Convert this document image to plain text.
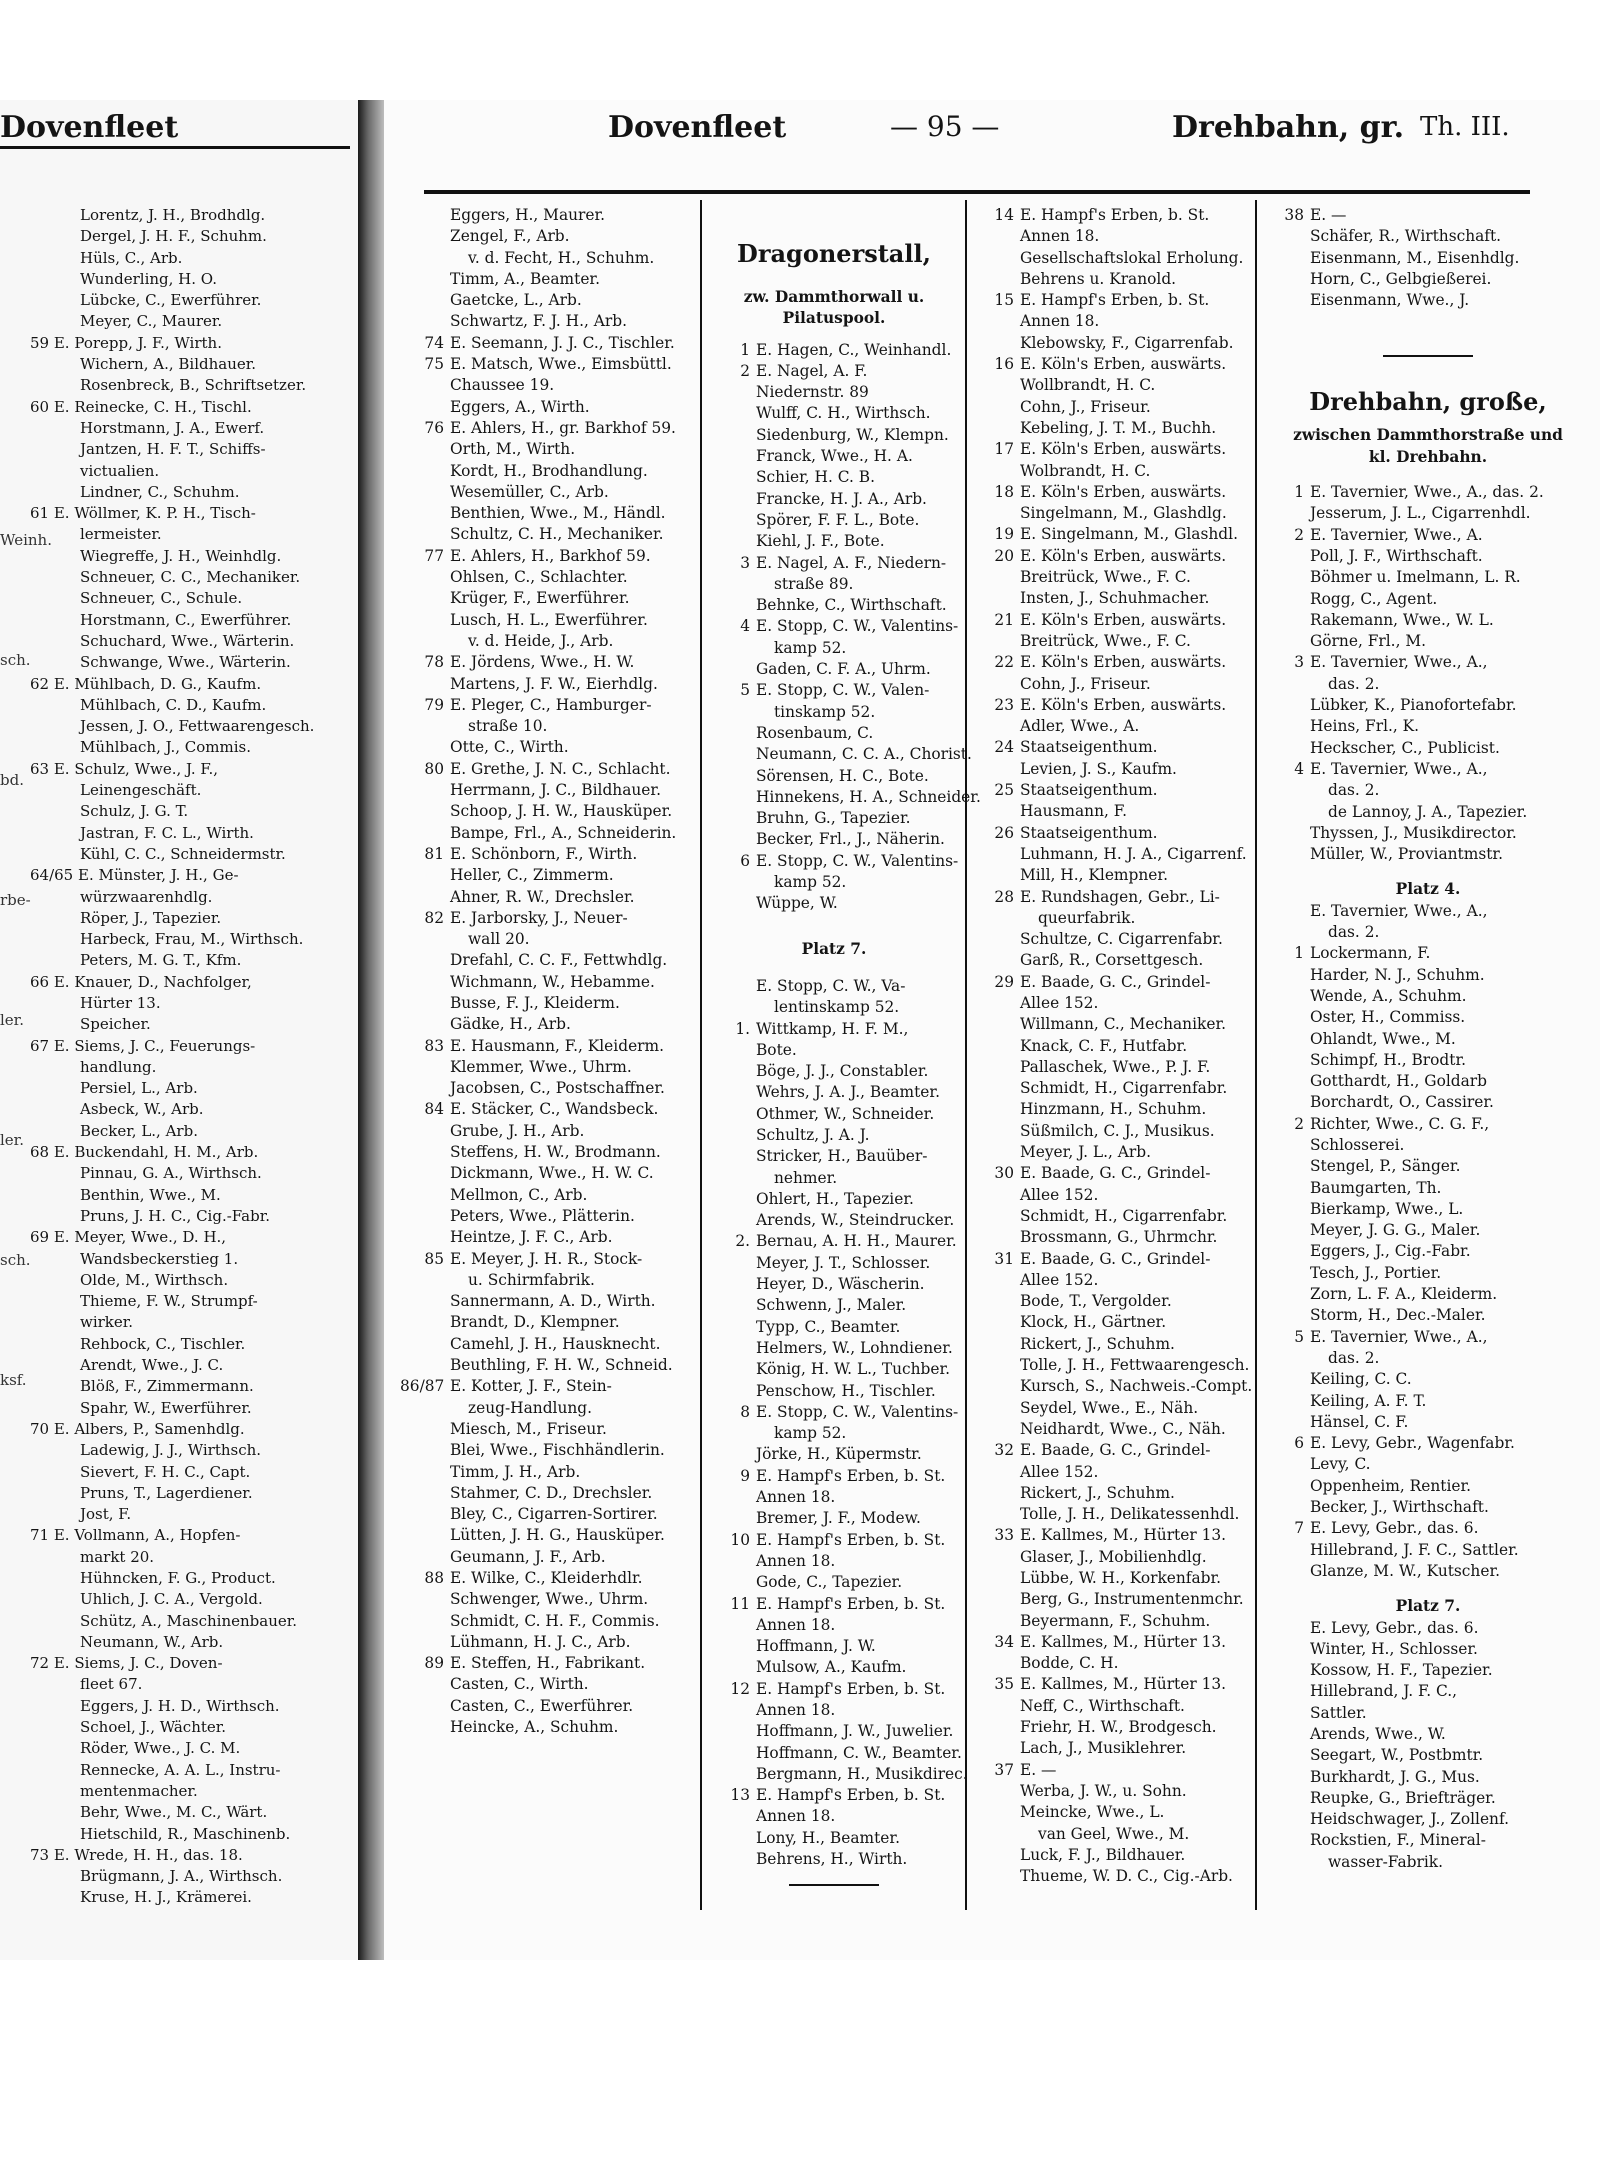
Dovenfleet	Dovenfleet	— 95 —	Drehbahn, gr. Th. III.
Lorentz, J. H., Brodhdlg.
Dergel, J. H. F., Schuhm.
Hüls, C., Arb.
Wunderling, H. O.
Lübcke, C., Ewerführer.
Meyer, C., Maurer.
59 E. Porepp, J. F., Wirth.
Wichern, A., Bildhauer.
Rosenbreck, B., Schriftsetzer.
60 E. Reinecke, C. H., Tischl.
Horstmann, J. A., Ewerf.
Jantzen, H. F. T., Schiffs-
victualien.
Lindner, C., Schuhm.
61 E. Wöllmer, K. P. H., Tisch-
lermeister.
Wiegreffe, J. H., Weinhdlg.
Schneuer, C. C., Mechaniker.
Schneuer, C., Schule.
Horstmann, C., Ewerführer.
Schuchard, Wwe., Wärterin.
Schwange, Wwe., Wärterin.
62 E. Mühlbach, D. G., Kaufm.
Mühlbach, C. D., Kaufm.
Jessen, J. O., Fettwaarengesch.
Mühlbach, J., Commis.
63 E. Schulz, Wwe., J. F.,
Leinengeschäft.
Schulz, J. G. T.
Jastran, F. C. L., Wirth.
Kühl, C. C., Schneidermstr.
64/65 E. Münster, J. H., Ge-
würzwaarenhdlg.
Röper, J., Tapezier.
Harbeck, Frau, M., Wirthsch.
Peters, M. G. T., Kfm.
66 E. Knauer, D., Nachfolger,
Hürter 13.
Speicher.
67 E. Siems, J. C., Feuerungs-
handlung.
Persiel, L., Arb.
Asbeck, W., Arb.
Becker, L., Arb.
68 E. Buckendahl, H. M., Arb.
Pinnau, G. A., Wirthsch.
Benthin, Wwe., M.
Pruns, J. H. C., Cig.-Fabr.
69 E. Meyer, Wwe., D. H.,
Wandsbeckerstieg 1.
Olde, M., Wirthsch.
Thieme, F. W., Strumpf-
wirker.
Rehbock, C., Tischler.
Arendt, Wwe., J. C.
Blöß, F., Zimmermann.
Spahr, W., Ewerführer.
70 E. Albers, P., Samenhdlg.
Ladewig, J. J., Wirthsch.
Sievert, F. H. C., Capt.
Pruns, T., Lagerdiener.
Jost, F.
71 E. Vollmann, A., Hopfen-
markt 20.
Hühncken, F. G., Product.
Uhlich, J. C. A., Vergold.
Schütz, A., Maschinenbauer.
Neumann, W., Arb.
72 E. Siems, J. C., Doven-
fleet 67.
Eggers, J. H. D., Wirthsch.
Schoel, J., Wächter.
Röder, Wwe., J. C. M.
Rennecke, A. A. L., Instru-
mentenmacher.
Behr, Wwe., M. C., Wärt.
Hietschild, R., Maschinenb.
73 E. Wrede, H. H., das. 18.
Brügmann, J. A., Wirthsch.
Kruse, H. J., Krämerei.
Eggers, H., Maurer.
Zengel, F., Arb.
v. d. Fecht, H., Schuhm.
Timm, A., Beamter.
Gaetcke, L., Arb.
Schwartz, F. J. H., Arb.
74 E. Seemann, J. J. C., Tischler.
75 E. Matsch, Wwe., Eimsbüttl.
Chaussee 19.
Eggers, A., Wirth.
76 E. Ahlers, H., gr. Barkhof 59.
Orth, M., Wirth.
Kordt, H., Brodhandlung.
Wesemüller, C., Arb.
Benthien, Wwe., M., Händl.
Schultz, C. H., Mechaniker.
77 E. Ahlers, H., Barkhof 59.
Ohlsen, C., Schlachter.
Krüger, F., Ewerführer.
Lusch, H. L., Ewerführer.
v. d. Heide, J., Arb.
78 E. Jördens, Wwe., H. W.
Martens, J. F. W., Eierhdlg.
79 E. Pleger, C., Hamburger-
straße 10.
Otte, C., Wirth.
80 E. Grethe, J. N. C., Schlacht.
Herrmann, J. C., Bildhauer.
Schoop, J. H. W., Hausküper.
Bampe, Frl., A., Schneiderin.
81 E. Schönborn, F., Wirth.
Heller, C., Zimmerm.
Ahner, R. W., Drechsler.
82 E. Jarborsky, J., Neuer-
wall 20.
Drefahl, C. C. F., Fettwhdlg.
Wichmann, W., Hebamme.
Busse, F. J., Kleiderm.
Gädke, H., Arb.
83 E. Hausmann, F., Kleiderm.
Klemmer, Wwe., Uhrm.
Jacobsen, C., Postschaffner.
84 E. Stäcker, C., Wandsbeck.
Grube, J. H., Arb.
Steffens, H. W., Brodmann.
Dickmann, Wwe., H. W. C.
Mellmon, C., Arb.
Peters, Wwe., Plätterin.
Heintze, J. F. C., Arb.
85 E. Meyer, J. H. R., Stock-
u. Schirmfabrik.
Sannermann, A. D., Wirth.
Brandt, D., Klempner.
Camehl, J. H., Hausknecht.
Beuthling, F. H. W., Schneid.
86/87 E. Kotter, J. F., Stein-
zeug-Handlung.
Miesch, M., Friseur.
Blei, Wwe., Fischhändlerin.
Timm, J. H., Arb.
Stahmer, C. D., Drechsler.
Bley, C., Cigarren-Sortirer.
Lütten, J. H. G., Hausküper.
Geumann, J. F., Arb.
88 E. Wilke, C., Kleiderhdlr.
Schwenger, Wwe., Uhrm.
Schmidt, C. H. F., Commis.
Lühmann, H. J. C., Arb.
89 E. Steffen, H., Fabrikant.
Casten, C., Wirth.
Casten, C., Ewerführer.
Heincke, A., Schuhm.
Dragonerstall,
zw. Dammthorwall u.
Pilatuspool.
1 E. Hagen, C., Weinhandl.
2 E. Nagel, A. F.
Niedernstr. 89
Wulff, C. H., Wirthsch.
Siedenburg, W., Klempn.
Franck, Wwe., H. A.
Schier, H. C. B.
Francke, H. J. A., Arb.
Spörer, F. F. L., Bote.
Kiehl, J. F., Bote.
3 E. Nagel, A. F., Niedern-
straße 89.
Behnke, C., Wirthschaft.
4 E. Stopp, C. W., Valentins-
kamp 52.
Gaden, C. F. A., Uhrm.
5 E. Stopp, C. W., Valen-
tinskamp 52.
Rosenbaum, C.
Neumann, C. C. A., Chorist.
Sörensen, H. C., Bote.
Hinnekens, H. A., Schneider.
Bruhn, G., Tapezier.
Becker, Frl., J., Näherin.
6 E. Stopp, C. W., Valentins-
kamp 52.
Wüppe, W.
Platz 7.
E. Stopp, C. W., Va-
lentinskamp 52.
1. Wittkamp, H. F. M.,
Bote.
Böge, J. J., Constabler.
Wehrs, J. A. J., Beamter.
Othmer, W., Schneider.
Schultz, J. A. J.
Stricker, H., Bauüber-
nehmer.
Ohlert, H., Tapezier.
Arends, W., Steindrucker.
2. Bernau, A. H. H., Maurer.
Meyer, J. T., Schlosser.
Heyer, D., Wäscherin.
Schwenn, J., Maler.
Typp, C., Beamter.
Helmers, W., Lohndiener.
König, H. W. L., Tuchber.
Penschow, H., Tischler.
8 E. Stopp, C. W., Valentins-
kamp 52.
Jörke, H., Küpermstr.
9 E. Hampf's Erben, b. St.
Annen 18.
Bremer, J. F., Modew.
10 E. Hampf's Erben, b. St.
Annen 18.
Gode, C., Tapezier.
11 E. Hampf's Erben, b. St.
Annen 18.
Hoffmann, J. W.
Mulsow, A., Kaufm.
12 E. Hampf's Erben, b. St.
Annen 18.
Hoffmann, J. W., Juwelier.
Hoffmann, C. W., Beamter.
Bergmann, H., Musikdirec.
13 E. Hampf's Erben, b. St.
Annen 18.
Lony, H., Beamter.
Behrens, H., Wirth.
14 E. Hampf's Erben, b. St.
Annen 18.
Gesellschaftslokal Erholung.
Behrens u. Kranold.
15 E. Hampf's Erben, b. St.
Annen 18.
Klebowsky, F., Cigarrenfab.
16 E. Köln's Erben, auswärts.
Wollbrandt, H. C.
Cohn, J., Friseur.
Kebeling, J. T. M., Buchh.
17 E. Köln's Erben, auswärts.
Wolbrandt, H. C.
18 E. Köln's Erben, auswärts.
Singelmann, M., Glashdlg.
19 E. Singelmann, M., Glashdl.
20 E. Köln's Erben, auswärts.
Breitrück, Wwe., F. C.
Insten, J., Schuhmacher.
21 E. Köln's Erben, auswärts.
Breitrück, Wwe., F. C.
22 E. Köln's Erben, auswärts.
Cohn, J., Friseur.
23 E. Köln's Erben, auswärts.
Adler, Wwe., A.
24 Staatseigenthum.
Levien, J. S., Kaufm.
25 Staatseigenthum.
Hausmann, F.
26 Staatseigenthum.
Luhmann, H. J. A., Cigarrenf.
Mill, H., Klempner.
28 E. Rundshagen, Gebr., Li-
queurfabrik.
Schultze, C. Cigarrenfabr.
Garß, R., Corsettgesch.
29 E. Baade, G. C., Grindel-
Allee 152.
Willmann, C., Mechaniker.
Knack, C. F., Hutfabr.
Pallaschek, Wwe., P. J. F.
Schmidt, H., Cigarrenfabr.
Hinzmann, H., Schuhm.
Süßmilch, C. J., Musikus.
Meyer, J. L., Arb.
30 E. Baade, G. C., Grindel-
Allee 152.
Schmidt, H., Cigarrenfabr.
Brossmann, G., Uhrmchr.
31 E. Baade, G. C., Grindel-
Allee 152.
Bode, T., Vergolder.
Klock, H., Gärtner.
Rickert, J., Schuhm.
Tolle, J. H., Fettwaarengesch.
Kursch, S., Nachweis.-Compt.
Seydel, Wwe., E., Näh.
Neidhardt, Wwe., C., Näh.
32 E. Baade, G. C., Grindel-
Allee 152.
Rickert, J., Schuhm.
Tolle, J. H., Delikatessenhdl.
33 E. Kallmes, M., Hürter 13.
Glaser, J., Mobilienhdlg.
Lübbe, W. H., Korkenfabr.
Berg, G., Instrumentenmchr.
Beyermann, F., Schuhm.
34 E. Kallmes, M., Hürter 13.
Bodde, C. H.
35 E. Kallmes, M., Hürter 13.
Neff, C., Wirthschaft.
Friehr, H. W., Brodgesch.
Lach, J., Musiklehrer.
37 E. —
Werba, J. W., u. Sohn.
Meincke, Wwe., L.
van Geel, Wwe., M.
Luck, F. J., Bildhauer.
Thueme, W. D. C., Cig.-Arb.
38 E. —
Schäfer, R., Wirthschaft.
Eisenmann, M., Eisenhdlg.
Horn, C., Gelbgießerei.
Eisenmann, Wwe., J.
Drehbahn, große,
zwischen Dammthorstraße und
kl. Drehbahn.
1 E. Tavernier, Wwe., A., das. 2.
Jesserum, J. L., Cigarrenhdl.
2 E. Tavernier, Wwe., A.
Poll, J. F., Wirthschaft.
Böhmer u. Imelmann, L. R.
Rogg, C., Agent.
Rakemann, Wwe., W. L.
Görne, Frl., M.
3 E. Tavernier, Wwe., A.,
das. 2.
Lübker, K., Pianofortefabr.
Heins, Frl., K.
Heckscher, C., Publicist.
4 E. Tavernier, Wwe., A.,
das. 2.
de Lannoy, J. A., Tapezier.
Thyssen, J., Musikdirector.
Müller, W., Proviantmstr.
Platz 4.
E. Tavernier, Wwe., A.,
das. 2.
1 Lockermann, F.
Harder, N. J., Schuhm.
Wende, A., Schuhm.
Oster, H., Commiss.
Ohlandt, Wwe., M.
Schimpf, H., Brodtr.
Gotthardt, H., Goldarb
Borchardt, O., Cassirer.
2 Richter, Wwe., C. G. F.,
Schlosserei.
Stengel, P., Sänger.
Baumgarten, Th.
Bierkamp, Wwe., L.
Meyer, J. G. G., Maler.
Eggers, J., Cig.-Fabr.
Tesch, J., Portier.
Zorn, L. F. A., Kleiderm.
Storm, H., Dec.-Maler.
5 E. Tavernier, Wwe., A.,
das. 2.
Keiling, C. C.
Keiling, A. F. T.
Hänsel, C. F.
6 E. Levy, Gebr., Wagenfabr.
Levy, C.
Oppenheim, Rentier.
Becker, J., Wirthschaft.
7 E. Levy, Gebr., das. 6.
Hillebrand, J. F. C., Sattler.
Glanze, M. W., Kutscher.
Platz 7.
E. Levy, Gebr., das. 6.
Winter, H., Schlosser.
Kossow, H. F., Tapezier.
Hillebrand, J. F. C.,
Sattler.
Arends, Wwe., W.
Seegart, W., Postbmtr.
Burkhardt, J. G., Mus.
Reupke, G., Briefträger.
Heidschwager, J., Zollenf.
Rockstien, F., Mineral-
wasser-Fabrik.
Weinh.
sch.
bd.
rbe-
ler.
ler.
sch.
ksf.
